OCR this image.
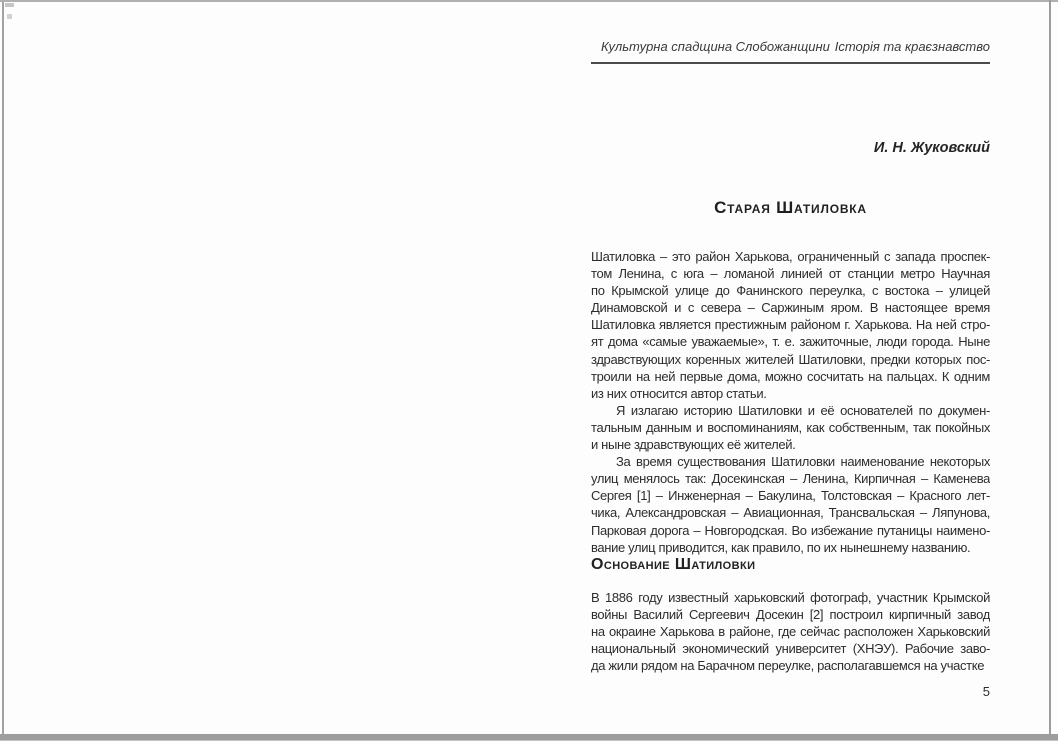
Культурна спадщина Слобожанщини Історія та краєзнавство
И. Н. Жуковский
Старая Шатиловка
Шатиловка – это район Харькова, ограниченный с запада проспек-
том Ленина, с юга – ломаной линией от станции метро Научная
по Крымской улице до Фанинского переулка, с востока – улицей
Динамовской и с севера – Саржиным яром. В настоящее время
Шатиловка является престижным районом г. Харькова. На ней стро-
ят дома «самые уважаемые», т. е. зажиточные, люди города. Ныне
здравствующих коренных жителей Шатиловки, предки которых пос-
троили на ней первые дома, можно сосчитать на пальцах. К одним
из них относится автор статьи.
Я излагаю историю Шатиловки и её основателей по докумен-
тальным данным и воспоминаниям, как собственным, так покойных
и ныне здравствующих её жителей.
За время существования Шатиловки наименование некоторых
улиц менялось так: Досекинская – Ленина, Кирпичная – Каменева
Сергея [1] – Инженерная – Бакулина, Толстовская – Красного лет-
чика, Александровская – Авиационная, Трансвальская – Ляпунова,
Парковая дорога – Новгородская. Во избежание путаницы наимено-
вание улиц приводится, как правило, по их нынешнему названию.
Основание Шатиловки
В 1886 году известный харьковский фотограф, участник Крымской
войны Василий Сергеевич Досекин [2] построил кирпичный завод
на окраине Харькова в районе, где сейчас расположен Харьковский
национальный экономический университет (ХНЭУ). Рабочие заво-
да жили рядом на Барачном переулке, располагавшемся на участке
5
